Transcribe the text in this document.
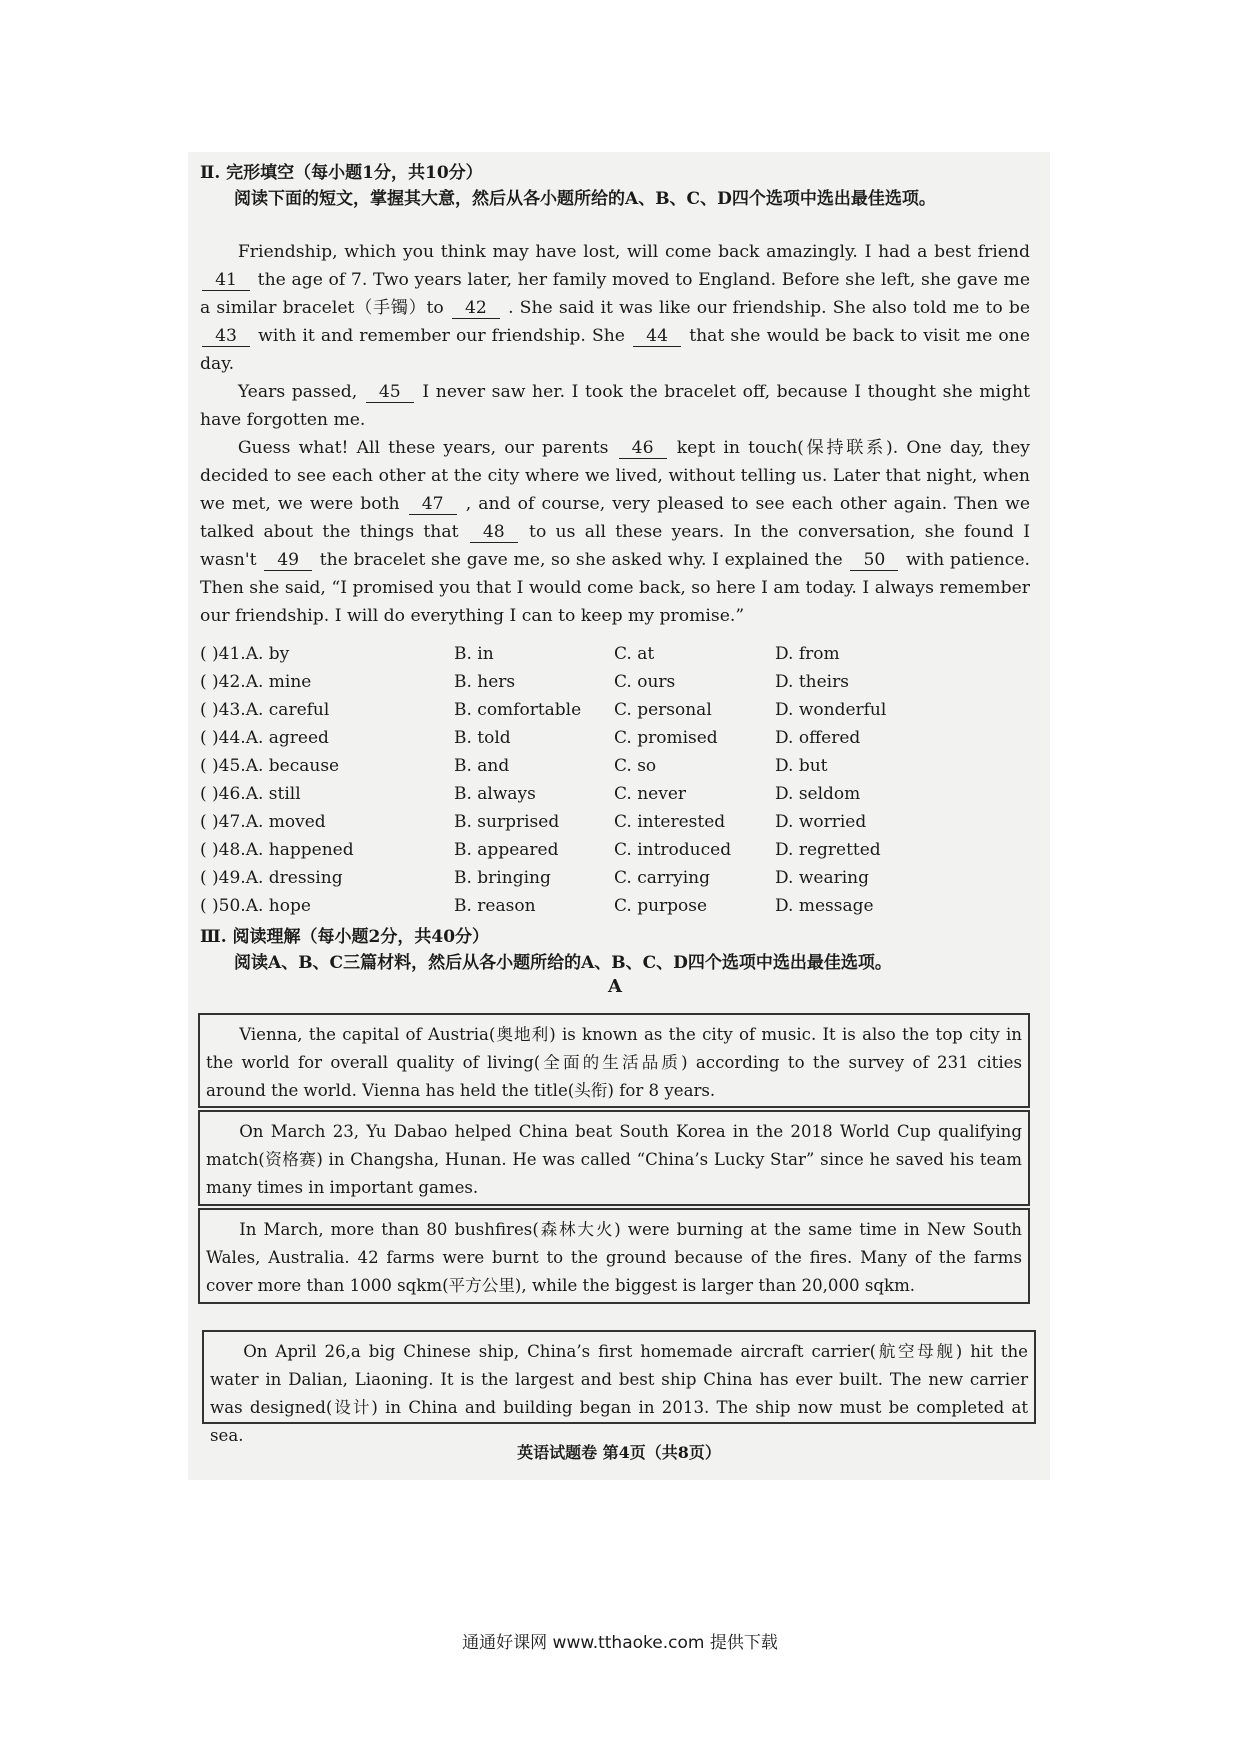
Ⅱ. 完形填空（每小题1分，共10分）
阅读下面的短文，掌握其大意，然后从各小题所给的A、B、C、D四个选项中选出最佳选项。
Friendship, which you think may have lost, will come back amazingly. I had a best friend 41 the age of 7. Two years later, her family moved to England. Before she left, she gave me a similar bracelet（手镯）to 42 . She said it was like our friendship. She also told me to be 43 with it and remember our friendship. She 44 that she would be back to visit me one day.
Years passed, 45 I never saw her. I took the bracelet off, because I thought she might have forgotten me.
Guess what! All these years, our parents 46 kept in touch(保持联系). One day, they decided to see each other at the city where we lived, without telling us. Later that night, when we met, we were both 47 , and of course, very pleased to see each other again. Then we talked about the things that 48 to us all these years. In the conversation, she found I wasn't 49 the bracelet she gave me, so she asked why. I explained the 50 with patience. Then she said, “I promised you that I would come back, so here I am today. I always remember our friendship. I will do everything I can to keep my promise.”
( )41.A. by	B. in	C. at	D. from
( )42.A. mine	B. hers	C. ours	D. theirs
( )43.A. careful	B. comfortable C. personal	D. wonderful
( )44.A. agreed	B. told	C. promised	D. offered
( )45.A. because	B. and	C. so	D. but
( )46.A. still	B. always	C. never	D. seldom
( )47.A. moved	B. surprised	C. interested	D. worried
( )48.A. happened	B. appeared	C. introduced	D. regretted
( )49.A. dressing	B. bringing	C. carrying	D. wearing
( )50.A. hope	B. reason	C. purpose	D. message
Ⅲ. 阅读理解（每小题2分，共40分）
阅读A、B、C三篇材料，然后从各小题所给的A、B、C、D四个选项中选出最佳选项。
A
Vienna, the capital of Austria(奥地利) is known as the city of music. It is also the top city in the world for overall quality of living(全面的生活品质) according to the survey of 231 cities around the world. Vienna has held the title(头衔) for 8 years.
On March 23, Yu Dabao helped China beat South Korea in the 2018 World Cup qualifying match(资格赛) in Changsha, Hunan. He was called “China’s Lucky Star” since he saved his team many times in important games.
In March, more than 80 bushfires(森林大火) were burning at the same time in New South Wales, Australia. 42 farms were burnt to the ground because of the fires. Many of the farms cover more than 1000 sqkm(平方公里), while the biggest is larger than 20,000 sqkm.
On April 26,a big Chinese ship, China’s first homemade aircraft carrier(航空母舰) hit the water in Dalian, Liaoning. It is the largest and best ship China has ever built. The new carrier was designed(设计) in China and building began in 2013. The ship now must be completed at sea.
英语试题卷 第4页（共8页）
通通好课网 www.tthaoke.com 提供下载
